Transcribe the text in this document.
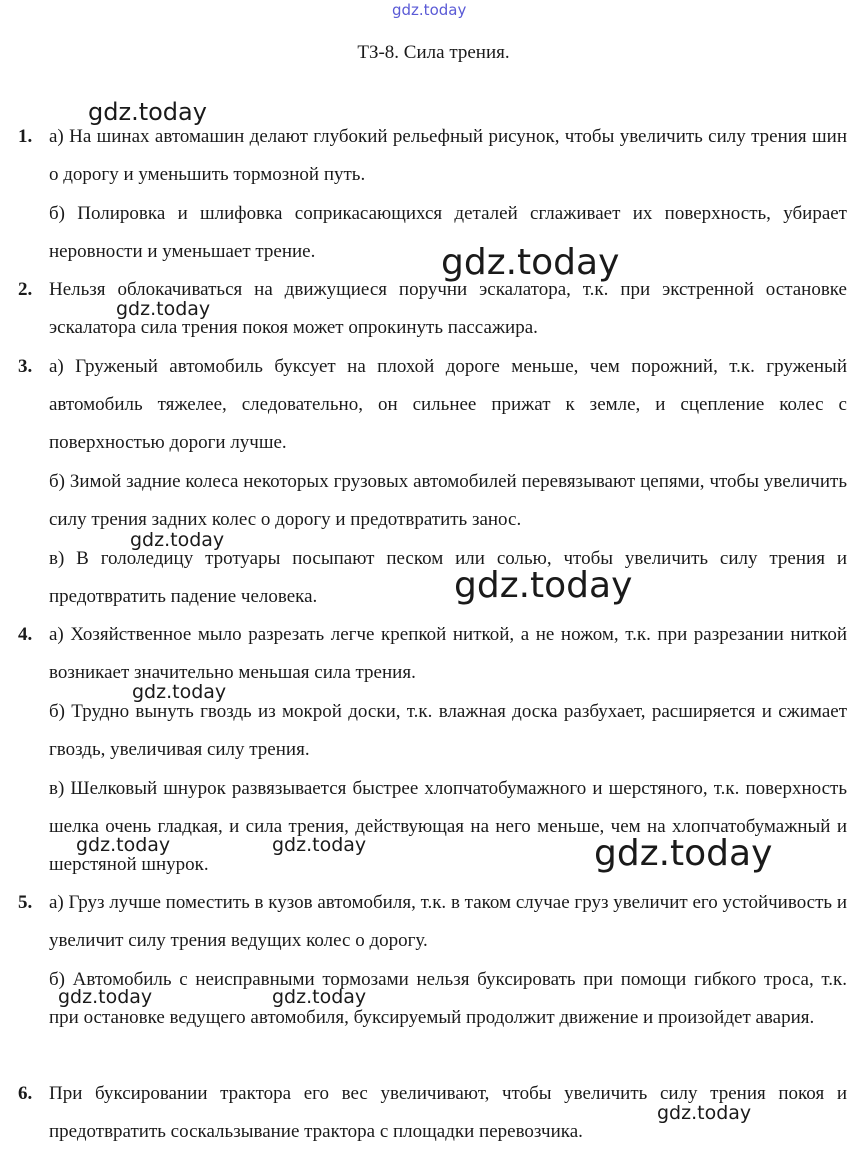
gdz.today
ТЗ-8. Сила трения.
1. а) На шинах автомашин делают глубокий рельефный рисунок, чтобы увеличить силу трения шин о дорогу и уменьшить тормозной путь.
б) Полировка и шлифовка соприкасающихся деталей сглаживает их поверхность, убирает неровности и уменьшает трение.
2. Нельзя облокачиваться на движущиеся поручни эскалатора, т.к. при экстренной остановке эскалатора сила трения покоя может опрокинуть пассажира.
3. а) Груженый автомобиль буксует на плохой дороге меньше, чем порожний, т.к. груженый автомобиль тяжелее, следовательно, он сильнее прижат к земле, и сцепление колес с поверхностью дороги лучше.
б) Зимой задние колеса некоторых грузовых автомобилей перевязывают цепями, чтобы увеличить силу трения задних колес о дорогу и предотвратить занос.
в) В гололедицу тротуары посыпают песком или солью, чтобы увеличить силу трения и предотвратить падение человека.
4. а) Хозяйственное мыло разрезать легче крепкой ниткой, а не ножом, т.к. при разрезании ниткой возникает значительно меньшая сила трения.
б) Трудно вынуть гвоздь из мокрой доски, т.к. влажная доска разбухает, расширяется и сжимает гвоздь, увеличивая силу трения.
в) Шелковый шнурок развязывается быстрее хлопчатобумажного и шерстяного, т.к. поверхность шелка очень гладкая, и сила трения, действующая на него меньше, чем на хлопчатобумажный и шерстяной шнурок.
5. а) Груз лучше поместить в кузов автомобиля, т.к. в таком случае груз увеличит его устойчивость и увеличит силу трения ведущих колес о дорогу.
б) Автомобиль с неисправными тормозами нельзя буксировать при помощи гибкого троса, т.к. при остановке ведущего автомобиля, буксируемый продолжит движение и произойдет авария.
6. При буксировании трактора его вес увеличивают, чтобы увеличить силу трения покоя и предотвратить соскальзывание трактора с площадки перевозчика.
gdz.today
gdz.today
gdz.today
gdz.today
gdz.today
gdz.today
gdz.today	gdz.today	gdz.today
gdz.today	gdz.today
gdz.today
